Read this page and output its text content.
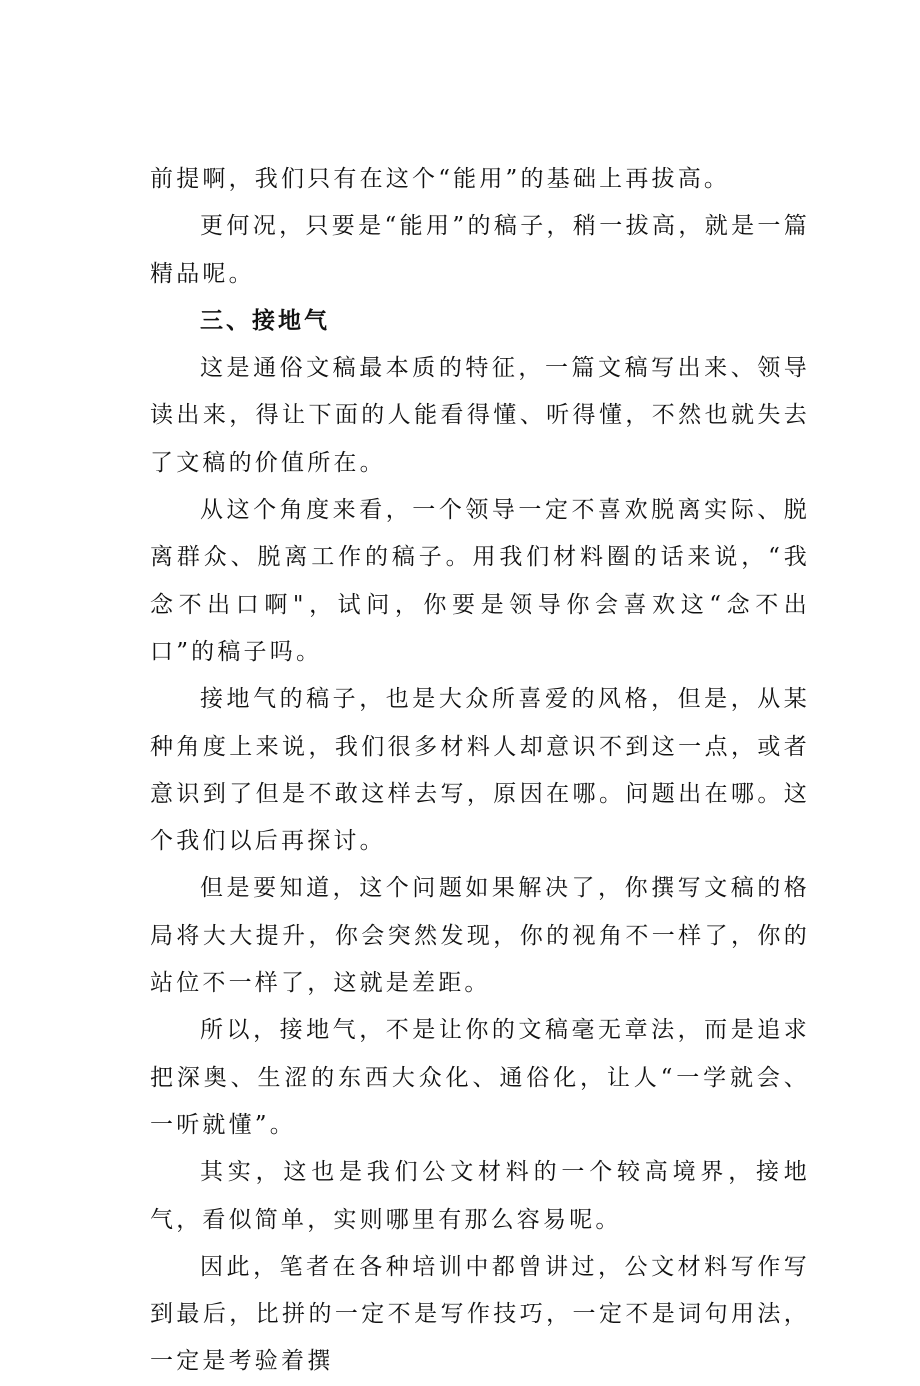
前提啊，我们只有在这个“能用”的基础上再拔高。

更何况，只要是“能用”的稿子，稍一拔高，就是一篇精品呢。

三、接地气

这是通俗文稿最本质的特征，一篇文稿写出来、领导读出来，得让下面的人能看得懂、听得懂，不然也就失去了文稿的价值所在。

从这个角度来看，一个领导一定不喜欢脱离实际、脱离群众、脱离工作的稿子。用我们材料圈的话来说，“我念不出口啊"，试问，你要是领导你会喜欢这“念不出口”的稿子吗。

接地气的稿子，也是大众所喜爱的风格，但是，从某种角度上来说，我们很多材料人却意识不到这一点，或者意识到了但是不敢这样去写，原因在哪。问题出在哪。这个我们以后再探讨。

但是要知道，这个问题如果解决了，你撰写文稿的格局将大大提升，你会突然发现，你的视角不一样了，你的站位不一样了，这就是差距。

所以，接地气，不是让你的文稿毫无章法，而是追求把深奥、生涩的东西大众化、通俗化，让人“一学就会、一听就懂”。

其实，这也是我们公文材料的一个较高境界，接地气，看似简单，实则哪里有那么容易呢。

因此，笔者在各种培训中都曾讲过，公文材料写作写到最后，比拼的一定不是写作技巧，一定不是词句用法，一定是考验着撰
